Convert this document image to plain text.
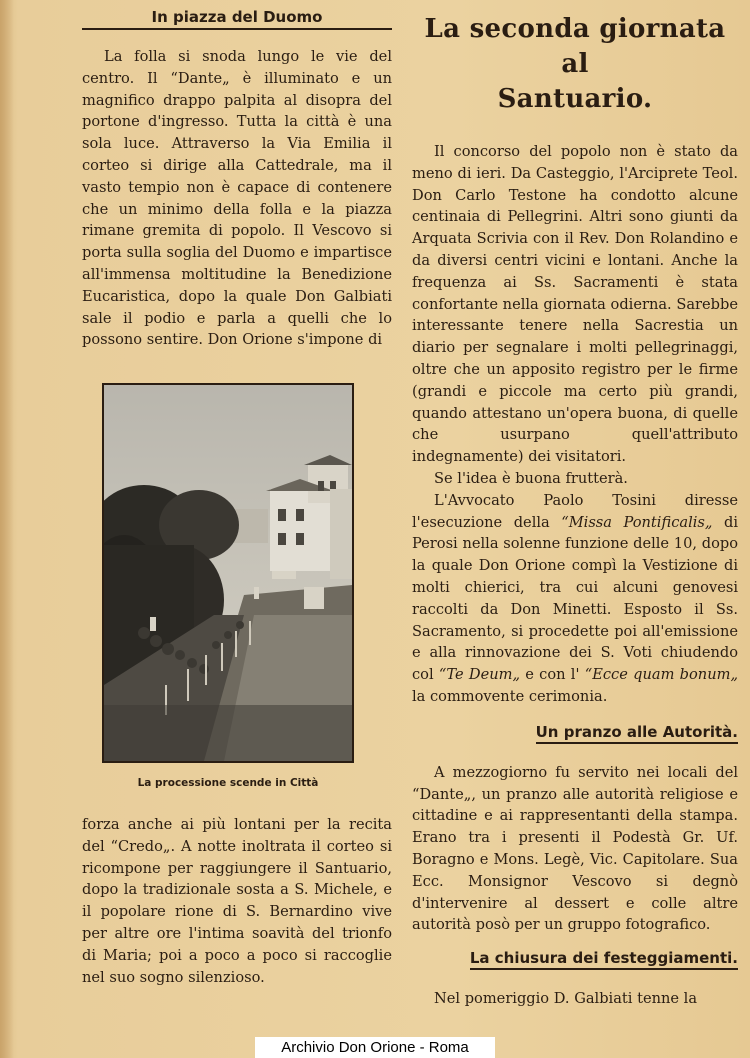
In piazza del Duomo

La folla si snoda lungo le vie del centro. Il “Dante„ è illuminato e un magnifico drappo palpita al disopra del portone d'ingresso. Tutta la città è una sola luce. Attraverso la Via Emilia il corteo si dirige alla Cattedrale, ma il vasto tempio non è capace di contenere che un minimo della folla e la piazza rimane gremita di popolo. Il Vescovo si porta sulla soglia del Duomo e impartisce all'immensa moltitudine la Benedizione Eucaristica, dopo la quale Don Galbiati sale il podio e parla a quelli che lo possono sentire. Don Orione s'impone di

La processione scende in Città

forza anche ai più lontani per la recita del “Credo„. A notte inoltrata il corteo si ricompone per raggiungere il Santuario, dopo la tradizionale sosta a S. Michele, e il popolare rione di S. Bernardino vive per altre ore l'intima soavità del trionfo di Maria; poi a poco a poco si raccoglie nel suo sogno silenzioso.

La seconda giornata al
Santuario.

Il concorso del popolo non è stato da meno di ieri. Da Casteggio, l'Arciprete Teol. Don Carlo Testone ha condotto alcune centinaia di Pellegrini. Altri sono giunti da Arquata Scrivia con il Rev. Don Rolandino e da diversi centri vicini e lontani. Anche la frequenza ai Ss. Sacramenti è stata confortante nella giornata odierna. Sarebbe interessante tenere nella Sacrestia un diario per segnalare i molti pellegrinaggi, oltre che un apposito registro per le firme (grandi e piccole ma certo più grandi, quando attestano un'opera buona, di quelle che usurpano quell'attributo indegnamente) dei visitatori.

Se l'idea è buona frutterà.

L'Avvocato Paolo Tosini diresse l'esecuzione della “Missa Pontificalis„ di Perosi nella solenne funzione delle 10, dopo la quale Don Orione compì la Vestizione di molti chierici, tra cui alcuni genovesi raccolti da Don Minetti. Esposto il Ss. Sacramento, si procedette poi all'emissione e alla rinnovazione dei S. Voti chiudendo col “Te Deum„ e con l' “Ecce quam bonum„ la commovente cerimonia.

Un pranzo alle Autorità.

A mezzogiorno fu servito nei locali del “Dante„, un pranzo alle autorità religiose e cittadine e ai rappresentanti della stampa. Erano tra i presenti il Podestà Gr. Uf. Boragno e Mons. Legè, Vic. Capitolare. Sua Ecc. Monsignor Vescovo si degnò d'intervenire al dessert e colle altre autorità posò per un gruppo fotografico.

La chiusura dei festeggiamenti.

Nel pomeriggio D. Galbiati tenne la

Archivio Don Orione - Roma
